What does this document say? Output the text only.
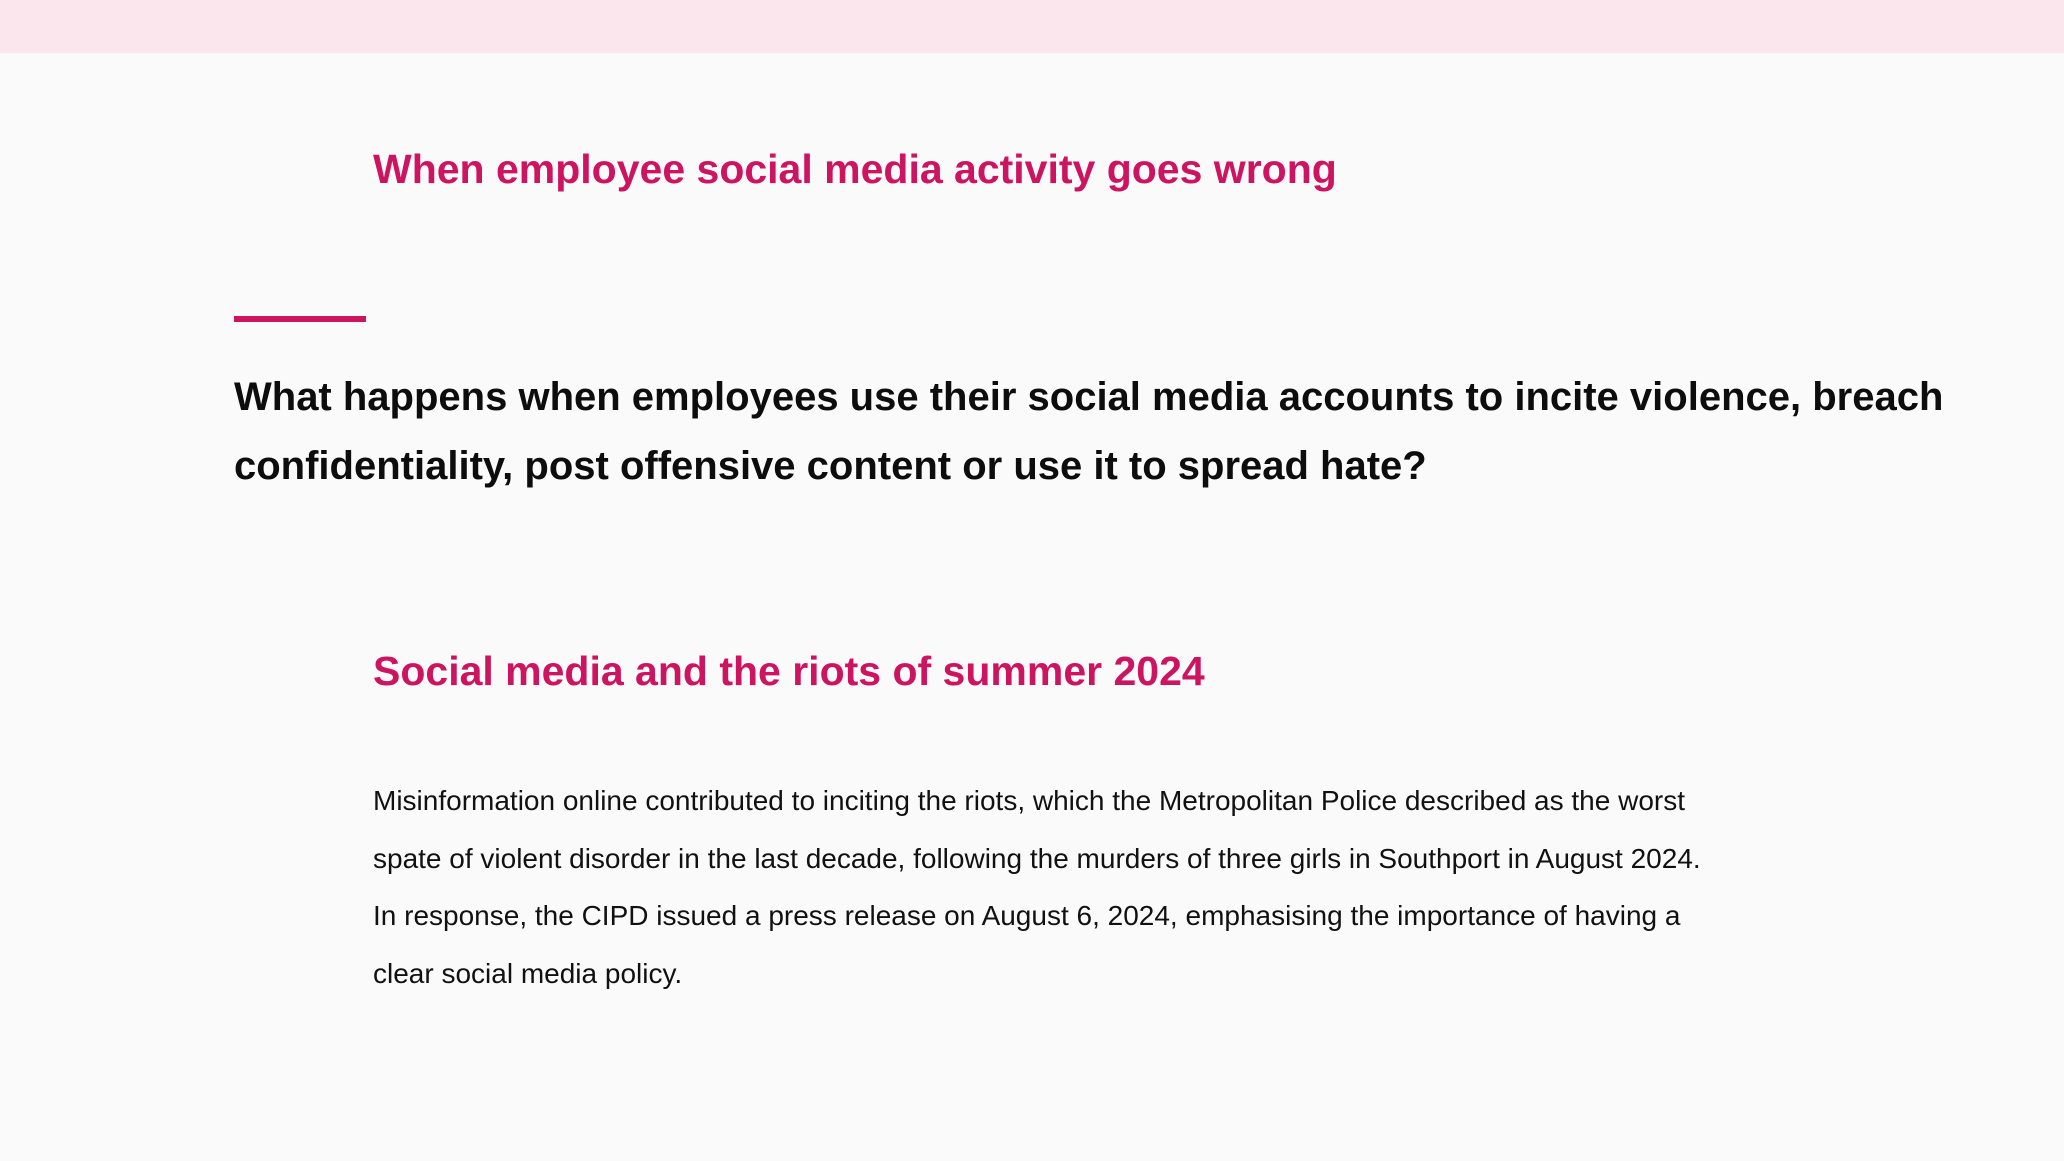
When employee social media activity goes wrong

What happens when employees use their social media accounts to incite violence, breach confidentiality, post offensive content or use it to spread hate?

Social media and the riots of summer 2024

Misinformation online contributed to inciting the riots, which the Metropolitan Police described as the worst spate of violent disorder in the last decade, following the murders of three girls in Southport in August 2024. In response, the CIPD issued a press release on August 6, 2024, emphasising the importance of having a clear social media policy.
